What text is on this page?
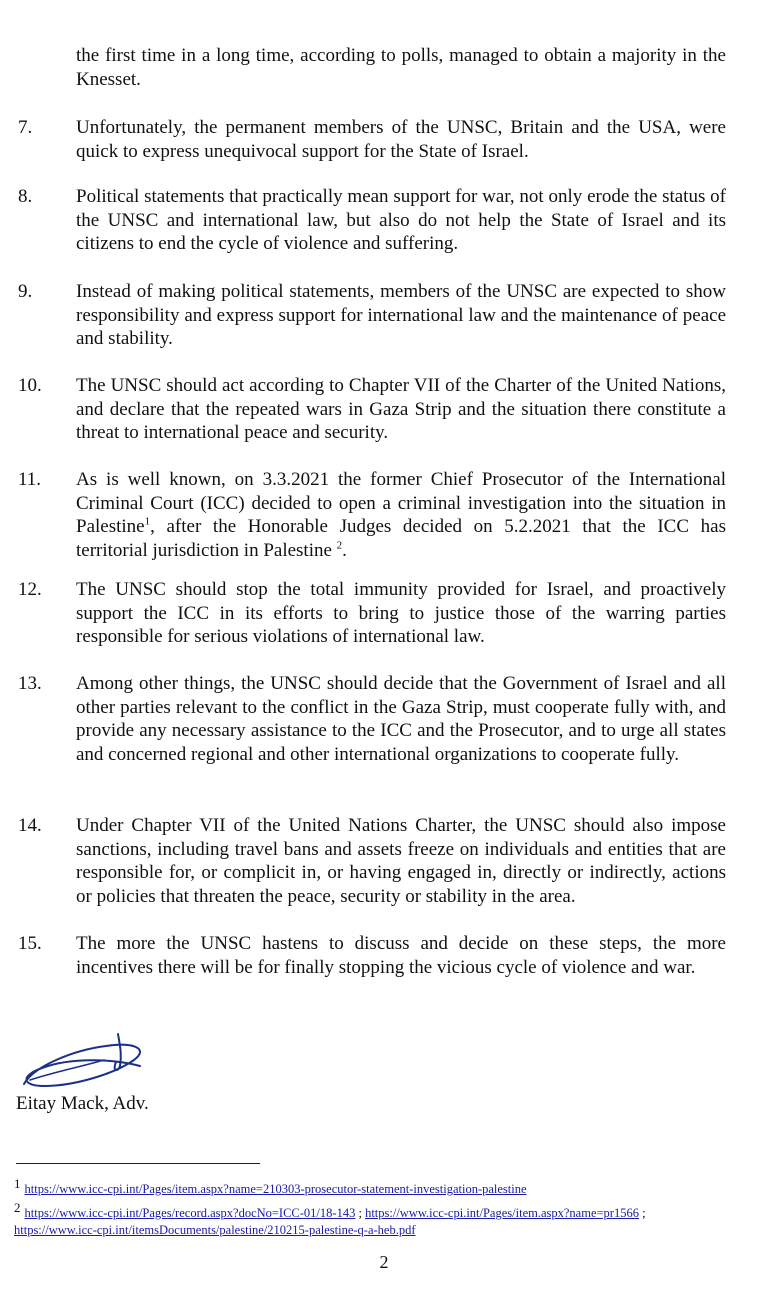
the first time in a long time, according to polls, managed to obtain a majority in the Knesset.
7. Unfortunately, the permanent members of the UNSC, Britain and the USA, were quick to express unequivocal support for the State of Israel.
8. Political statements that practically mean support for war, not only erode the status of the UNSC and international law, but also do not help the State of Israel and its citizens to end the cycle of violence and suffering.
9. Instead of making political statements, members of the UNSC are expected to show responsibility and express support for international law and the maintenance of peace and stability.
10. The UNSC should act according to Chapter VII of the Charter of the United Nations, and declare that the repeated wars in Gaza Strip and the situation there constitute a threat to international peace and security.
11. As is well known, on 3.3.2021 the former Chief Prosecutor of the International Criminal Court (ICC) decided to open a criminal investigation into the situation in Palestine$^1$, after the Honorable Judges decided on 5.2.2021 that the ICC has territorial jurisdiction in Palestine $^2$.
12. The UNSC should stop the total immunity provided for Israel, and proactively support the ICC in its efforts to bring to justice those of the warring parties responsible for serious violations of international law.
13. Among other things, the UNSC should decide that the Government of Israel and all other parties relevant to the conflict in the Gaza Strip, must cooperate fully with, and provide any necessary assistance to the ICC and the Prosecutor, and to urge all states and concerned regional and other international organizations to cooperate fully.
14. Under Chapter VII of the United Nations Charter, the UNSC should also impose sanctions, including travel bans and assets freeze on individuals and entities that are responsible for, or complicit in, or having engaged in, directly or indirectly, actions or policies that threaten the peace, security or stability in the area.
15. The more the UNSC hastens to discuss and decide on these steps, the more incentives there will be for finally stopping the vicious cycle of violence and war.
Eitay Mack, Adv.
1 https://www.icc-cpi.int/Pages/item.aspx?name=210303-prosecutor-statement-investigation-palestine
2 https://www.icc-cpi.int/Pages/record.aspx?docNo=ICC-01/18-143 ; https://www.icc-cpi.int/Pages/item.aspx?name=pr1566 ;
https://www.icc-cpi.int/itemsDocuments/palestine/210215-palestine-q-a-heb.pdf
2
